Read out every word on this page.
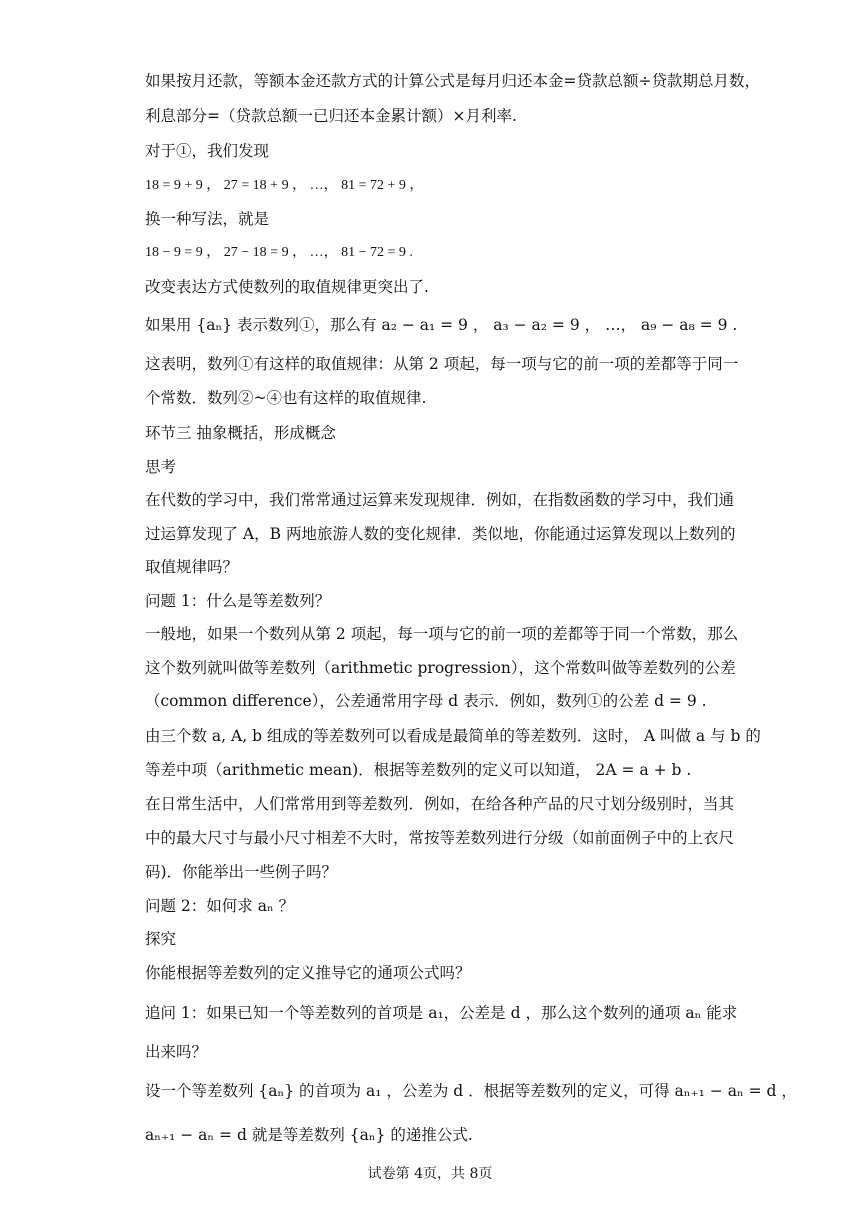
如果按月还款，等额本金还款方式的计算公式是每月归还本金=贷款总额÷贷款期总月数，
利息部分=（贷款总额一已归还本金累计额）×月利率.
对于①，我们发现
18 = 9 + 9 ， 27 = 18 + 9 ， …， 81 = 72 + 9 ，
换一种写法，就是
18 − 9 = 9 ， 27 − 18 = 9 ， …， 81 − 72 = 9 .
改变表达方式使数列的取值规律更突出了.
如果用 {aₙ} 表示数列①，那么有 a₂ − a₁ = 9 ， a₃ − a₂ = 9 ， …， a₉ − a₈ = 9 .
这表明，数列①有这样的取值规律：从第 2 项起，每一项与它的前一项的差都等于同一
个常数．数列②~④也有这样的取值规律.
环节三 抽象概括，形成概念
思考
在代数的学习中，我们常常通过运算来发现规律．例如，在指数函数的学习中，我们通
过运算发现了 A，B 两地旅游人数的变化规律．类似地，你能通过运算发现以上数列的
取值规律吗？
问题 1：什么是等差数列？
一般地，如果一个数列从第 2 项起，每一项与它的前一项的差都等于同一个常数，那么
这个数列就叫做等差数列（arithmetic progression），这个常数叫做等差数列的公差
（common difference），公差通常用字母 d 表示．例如，数列①的公差 d = 9 .
由三个数 a, A, b 组成的等差数列可以看成是最简单的等差数列．这时， A 叫做 a 与 b 的
等差中项（arithmetic mean)．根据等差数列的定义可以知道， 2A = a + b .
在日常生活中，人们常常用到等差数列．例如，在给各种产品的尺寸划分级别时，当其
中的最大尺寸与最小尺寸相差不大时，常按等差数列进行分级（如前面例子中的上衣尺
码)．你能举出一些例子吗？
问题 2：如何求 aₙ ？
探究
你能根据等差数列的定义推导它的通项公式吗？
追问 1：如果已知一个等差数列的首项是 a₁，公差是 d ，那么这个数列的通项 aₙ 能求
出来吗？
设一个等差数列 {aₙ} 的首项为 a₁ ，公差为 d ．根据等差数列的定义，可得 aₙ₊₁ − aₙ = d ，
aₙ₊₁ − aₙ = d 就是等差数列 {aₙ} 的递推公式.
试卷第 4页，共 8页
